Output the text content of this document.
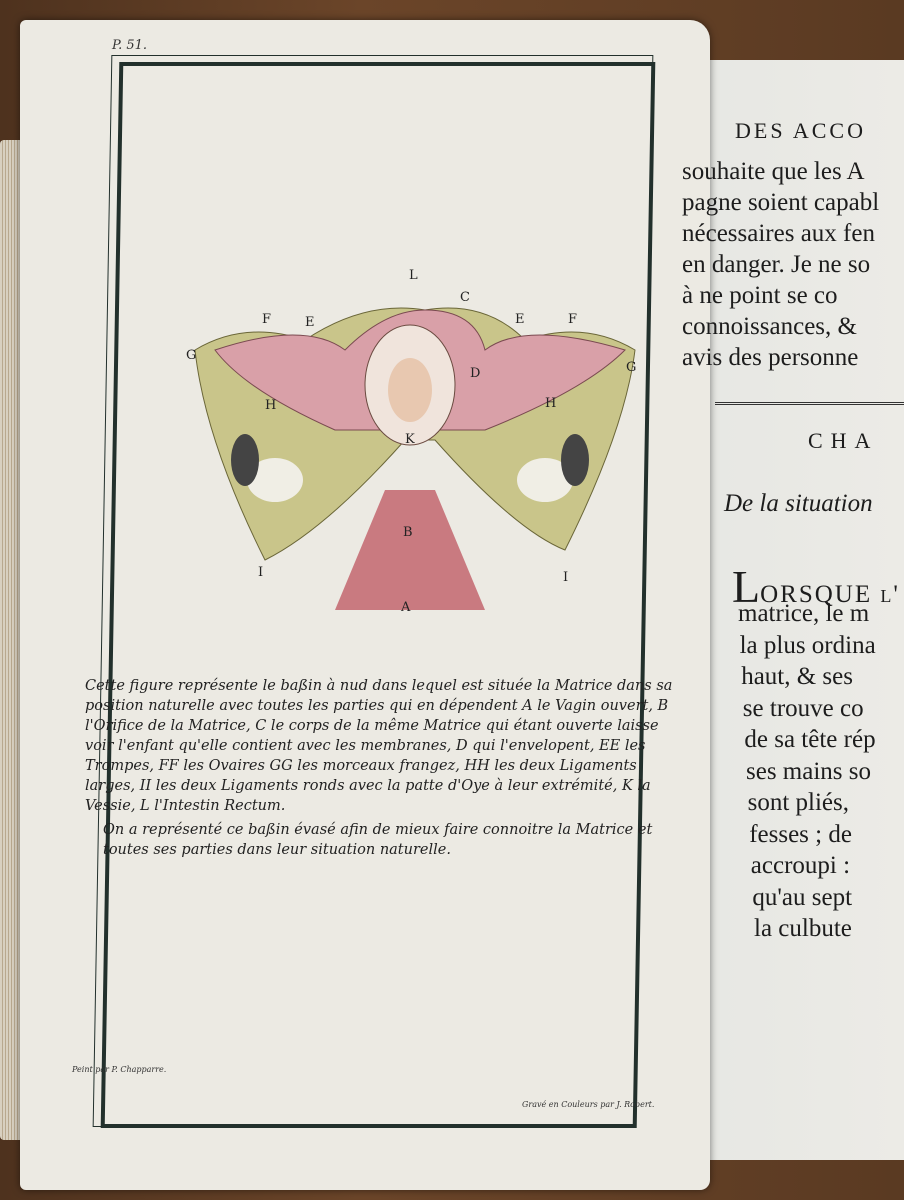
P. 51.
L
C
F	E	E	F
G
G
D
H	H
K
B
I	I
A

Cette figure représente le baßin à nud dans lequel est située la Matrice dans sa position naturelle avec toutes les parties qui en dépendent A le Vagin ouvert, B l'Orifice de la Matrice, C le corps de la même Matrice qui étant ouverte laisse voir l'enfant qu'elle contient avec les membranes, D qui l'envelopent, EE les Trompes, FF les Ovaires GG les morceaux frangez, HH les deux Ligaments larges, II les deux Ligaments ronds avec la patte d'Oye à leur extrémité, K la Vessie, L l'Intestin Rectum.

On a représenté ce baßin évasé afin de mieux faire connoitre la Matrice et toutes ses parties dans leur situation naturelle.

Peint par P. Chapparre.
Gravé en Couleurs par J. Robert.
DES ACCO
souhaite que les A
pagne soient capabl
nécessaires aux fen
en danger. Je ne so
à ne point se co
connoissances, &
avis des personne
CHA
De la situation
LORSQUE l'
matrice, le m
la plus ordina
haut, & ses
se trouve co
de sa tête rép
ses mains so
sont pliés,
fesses ; de
accroupi :
qu'au sept
la culbute
